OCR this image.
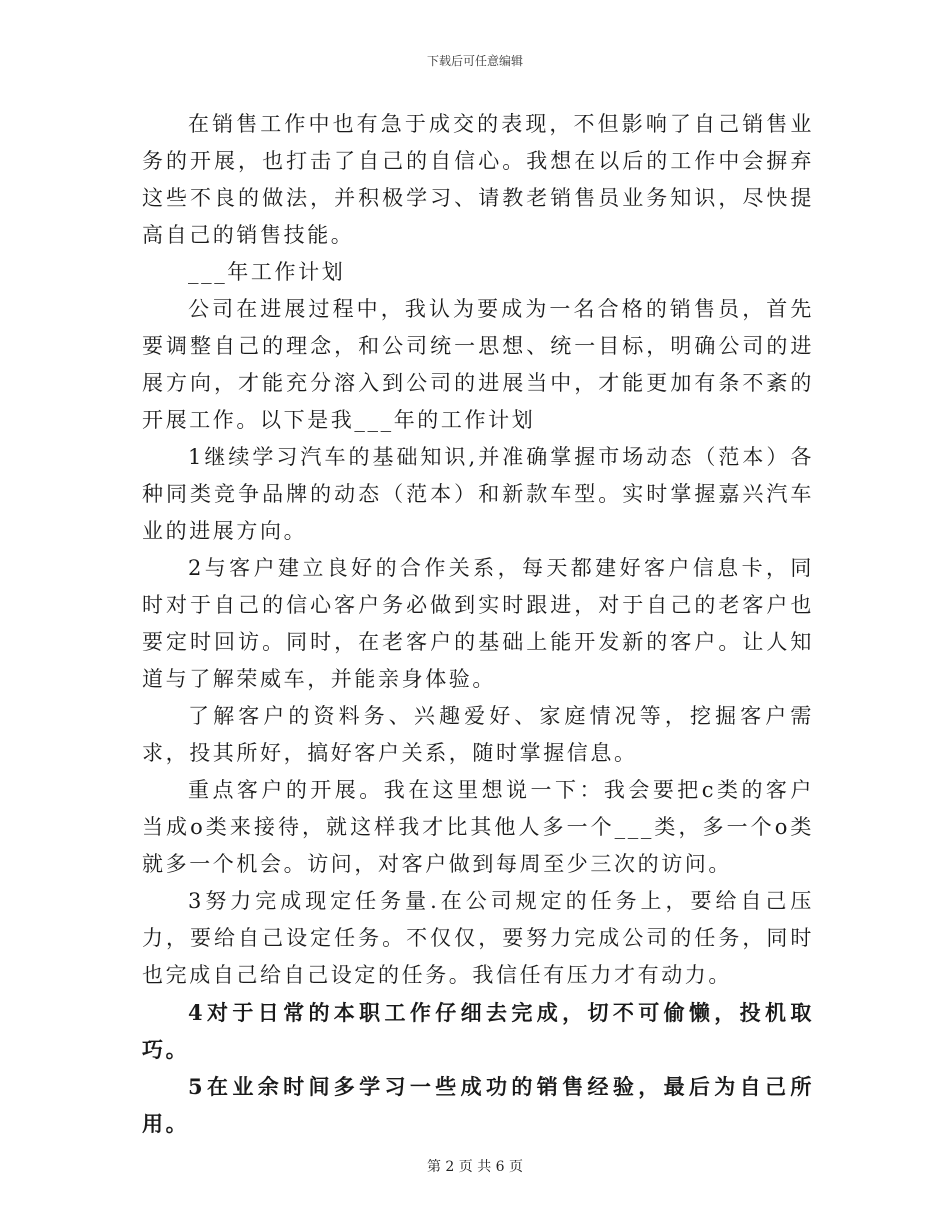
下载后可任意编辑

在销售工作中也有急于成交的表现，不但影响了自己销售业务的开展，也打击了自己的自信心。我想在以后的工作中会摒弃这些不良的做法，并积极学习、请教老销售员业务知识，尽快提高自己的销售技能。

___年工作计划

公司在进展过程中，我认为要成为一名合格的销售员，首先要调整自己的理念，和公司统一思想、统一目标，明确公司的进展方向，才能充分溶入到公司的进展当中，才能更加有条不紊的开展工作。以下是我___年的工作计划

1继续学习汽车的基础知识,并准确掌握市场动态（范本）各种同类竞争品牌的动态（范本）和新款车型。实时掌握嘉兴汽车业的进展方向。

2与客户建立良好的合作关系，每天都建好客户信息卡，同时对于自己的信心客户务必做到实时跟进，对于自己的老客户也要定时回访。同时，在老客户的基础上能开发新的客户。让人知道与了解荣威车，并能亲身体验。

了解客户的资料务、兴趣爱好、家庭情况等，挖掘客户需求，投其所好，搞好客户关系，随时掌握信息。

重点客户的开展。我在这里想说一下：我会要把c类的客户当成o类来接待，就这样我才比其他人多一个___类，多一个o类就多一个机会。访问，对客户做到每周至少三次的访问。

3努力完成现定任务量.在公司规定的任务上，要给自己压力，要给自己设定任务。不仅仅，要努力完成公司的任务，同时也完成自己给自己设定的任务。我信任有压力才有动力。

4对于日常的本职工作仔细去完成，切不可偷懒，投机取巧。

5在业余时间多学习一些成功的销售经验，最后为自己所用。

第 2 页 共 6 页
